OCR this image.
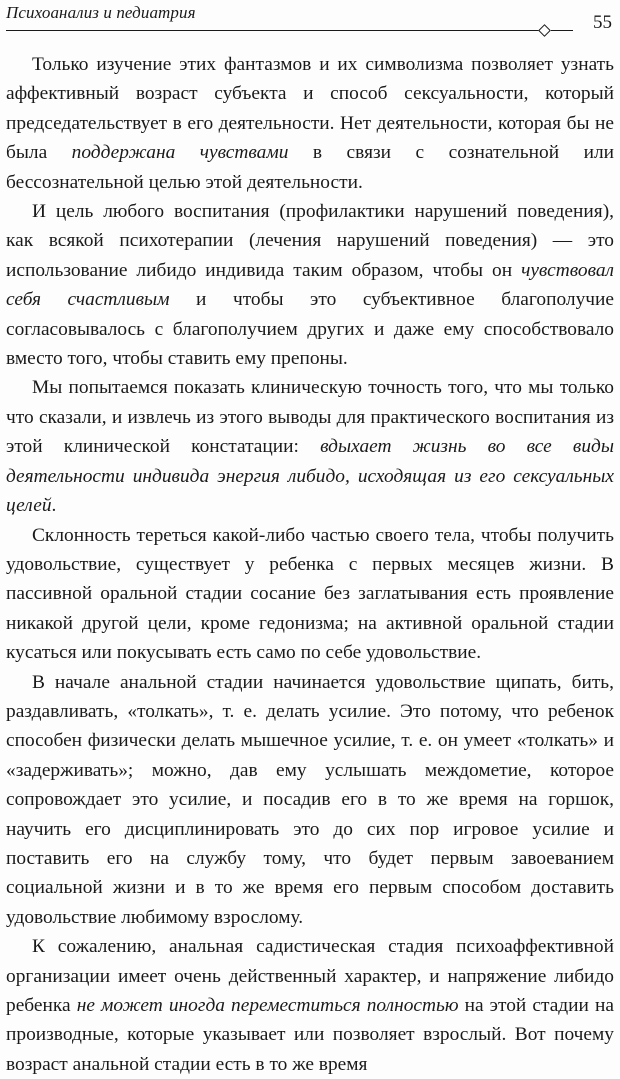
Психоанализ и педиатрия	55

Только изучение этих фантазмов и их символизма позволяет узнать аффективный возраст субъекта и способ сексуальности, который председательствует в его деятельности. Нет деятельности, которая бы не была поддержана чувствами в связи с сознательной или бессознательной целью этой деятельности.

И цель любого воспитания (профилактики нарушений поведения), как всякой психотерапии (лечения нарушений поведения) — это использование либидо индивида таким образом, чтобы он чувствовал себя счастливым и чтобы это субъективное благополучие согласовывалось с благополучием других и даже ему способствовало вместо того, чтобы ставить ему препоны.

Мы попытаемся показать клиническую точность того, что мы только что сказали, и извлечь из этого выводы для практического воспитания из этой клинической констатации: вдыхает жизнь во все виды деятельности индивида энергия либидо, исходящая из его сексуальных целей.

Склонность тереться какой-либо частью своего тела, чтобы получить удовольствие, существует у ребенка с первых месяцев жизни. В пассивной оральной стадии сосание без заглатывания есть проявление никакой другой цели, кроме гедонизма; на активной оральной стадии кусаться или покусывать есть само по себе удовольствие.

В начале анальной стадии начинается удовольствие щипать, бить, раздавливать, «толкать», т. е. делать усилие. Это потому, что ребенок способен физически делать мышечное усилие, т. е. он умеет «толкать» и «задерживать»; можно, дав ему услышать междометие, которое сопровождает это усилие, и посадив его в то же время на горшок, научить его дисциплинировать это до сих пор игровое усилие и поставить его на службу тому, что будет первым завоеванием социальной жизни и в то же время его первым способом доставить удовольствие любимому взрослому.

К сожалению, анальная садистическая стадия психоаффективной организации имеет очень действенный характер, и напряжение либидо ребенка не может иногда переместиться полностью на этой стадии на производные, которые указывает или позволяет взрослый. Вот почему возраст анальной стадии есть в то же время
